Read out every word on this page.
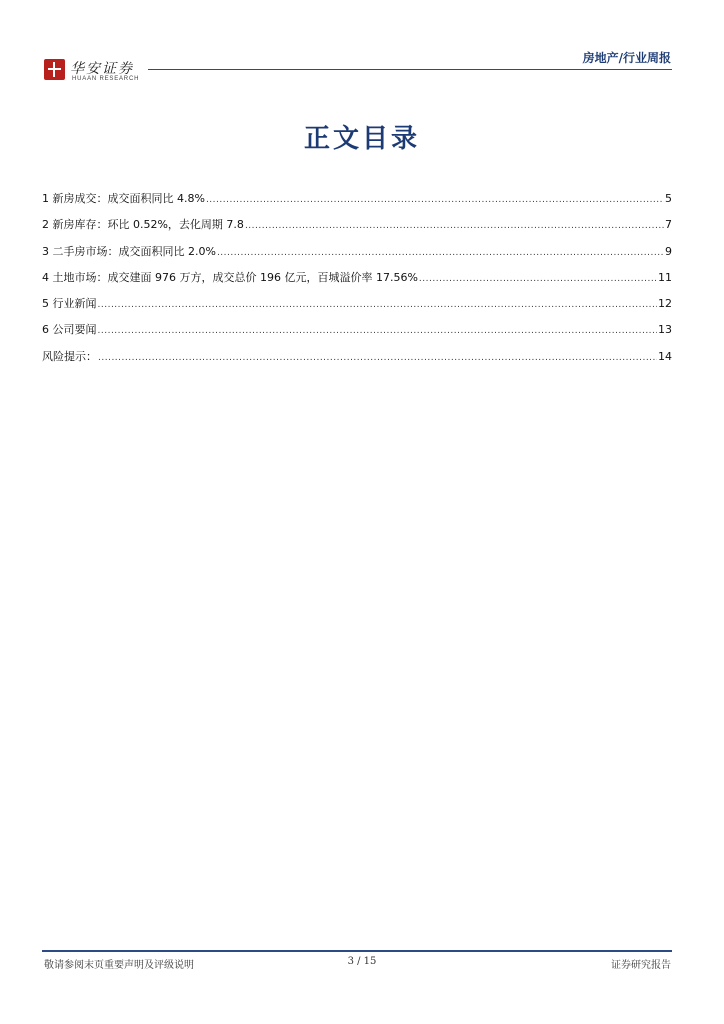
华安证券
HUAAN RESEARCH
房地产/行业周报
正文目录
1 新房成交：成交面积同比 4.8% .....	5
2 新房库存：环比 0.52%，去化周期 7.8 .....	7
3 二手房市场：成交面积同比 2.0% .....	9
4 土地市场：成交建面 976 万方，成交总价 196 亿元，百城溢价率 17.56% .....	11
5 行业新闻 .....	12
6 公司要闻 .....	13
风险提示： .....	14
敬请参阅末页重要声明及评级说明	3 / 15	证券研究报告
